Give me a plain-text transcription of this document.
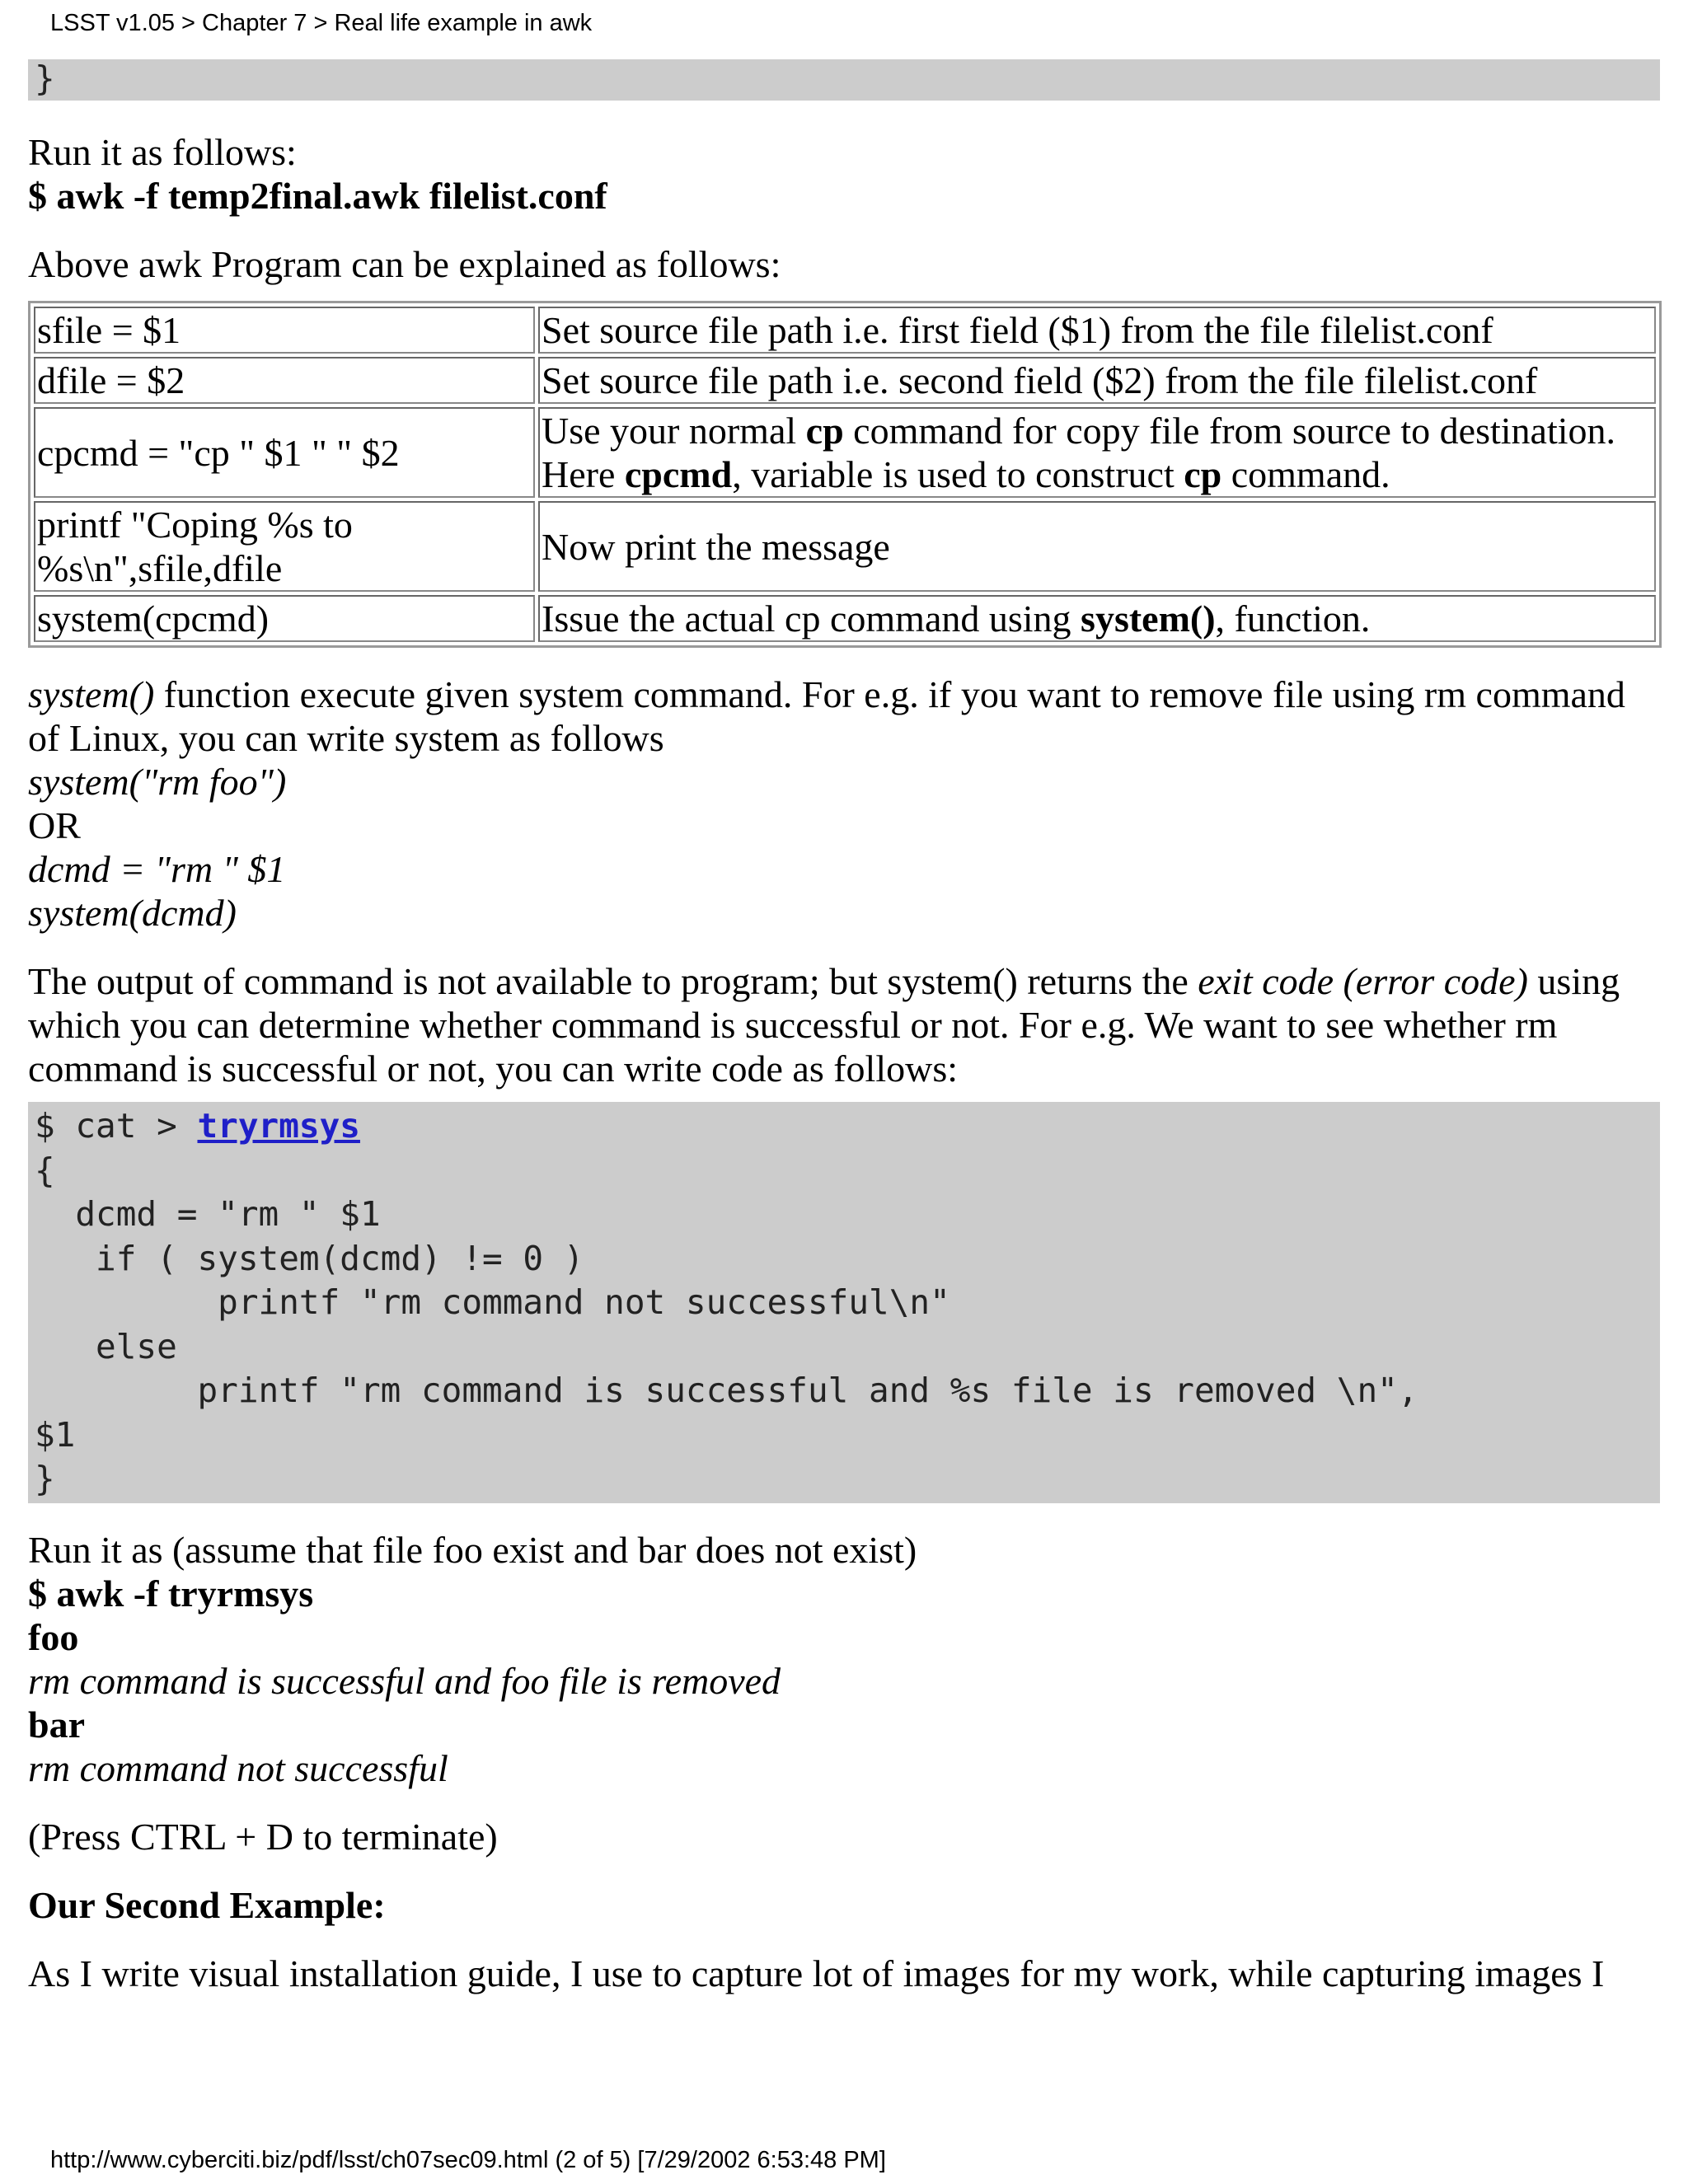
LSST v1.05 > Chapter 7 > Real life example in awk
}

Run it as follows:

$ awk -f temp2final.awk filelist.conf

Above awk Program can be explained as follows:

sfile = $1	Set source file path i.e. first field ($1) from the file filelist.conf
dfile = $2	Set source file path i.e. second field ($2) from the file filelist.conf
cpcmd = "cp " $1 " " $2	Use your normal cp command for copy file from source to destination.
Here cpcmd, variable is used to construct cp command.
printf "Coping %s to
%s\n",sfile,dfile	Now print the message
system(cpcmd)	Issue the actual cp command using system(), function.

system() function execute given system command. For e.g. if you want to remove file using rm command of Linux, you can write system as follows

system("rm foo")

OR

dcmd = "rm " $1

system(dcmd)

The output of command is not available to program; but system() returns the exit code (error code) using which you can determine whether command is successful or not. For e.g. We want to see whether rm command is successful or not, you can write code as follows:

$ cat > tryrmsys
{
dcmd = "rm " $1
if ( system(dcmd) != 0 )
printf "rm command not successful\n"
else
printf "rm command is successful and %s file is removed \n",
$1
}

Run it as (assume that file foo exist and bar does not exist)

$ awk -f tryrmsys

foo

rm command is successful and foo file is removed

bar

rm command not successful

(Press CTRL + D to terminate)

Our Second Example:

As I write visual installation guide, I use to capture lot of images for my work, while capturing images I

http://www.cyberciti.biz/pdf/lsst/ch07sec09.html (2 of 5) [7/29/2002 6:53:48 PM]
